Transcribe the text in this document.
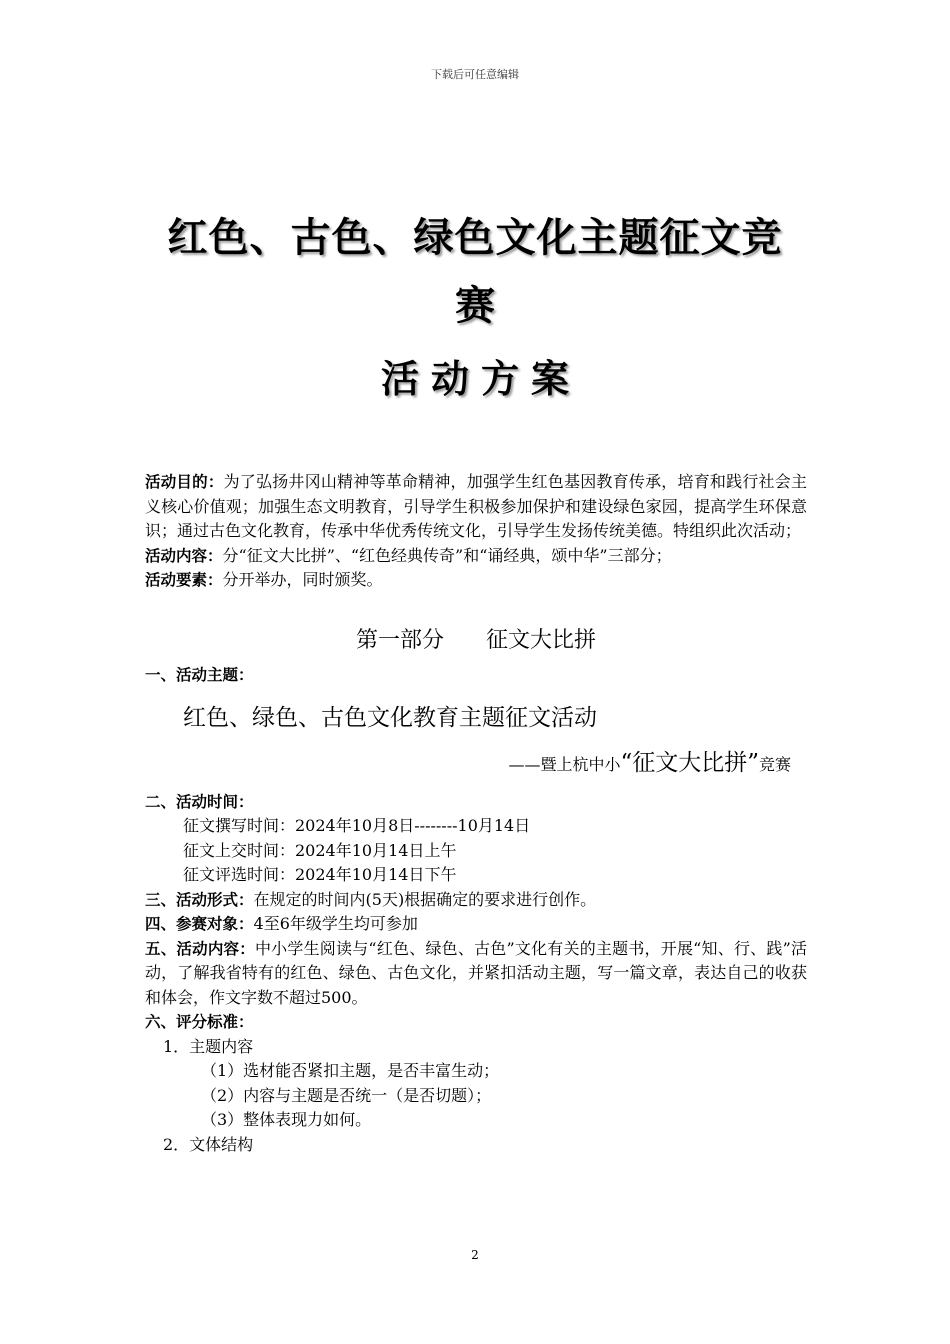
下载后可任意编辑
红色、古色、绿色文化主题征文竞
赛
活动方案
活动目的：为了弘扬井冈山精神等革命精神，加强学生红色基因教育传承，培育和践行社会主义核心价值观；加强生态文明教育，引导学生积极参加保护和建设绿色家园，提高学生环保意识；通过古色文化教育，传承中华优秀传统文化，引导学生发扬传统美德。特组织此次活动；
活动内容：分“征文大比拼”、“红色经典传奇”和“诵经典，颂中华”三部分；
活动要素：分开举办，同时颁奖。
第一部分      征文大比拼
一、活动主题：
红色、绿色、古色文化教育主题征文活动
——暨上杭中小“征文大比拼”竞赛
二、活动时间：
征文撰写时间：2024年10月8日--------10月14日
征文上交时间：2024年10月14日上午
征文评选时间：2024年10月14日下午
三、活动形式：在规定的时间内(5天)根据确定的要求进行创作。
四、参赛对象：4至6年级学生均可参加
五、活动内容：中小学生阅读与“红色、绿色、古色”文化有关的主题书，开展“知、行、践”活动，了解我省特有的红色、绿色、古色文化，并紧扣活动主题，写一篇文章，表达自己的收获和体会，作文字数不超过500。
六、评分标准：
1．主题内容
（1）选材能否紧扣主题，是否丰富生动；
（2）内容与主题是否统一（是否切题）；
（3）整体表现力如何。
2．文体结构
2
